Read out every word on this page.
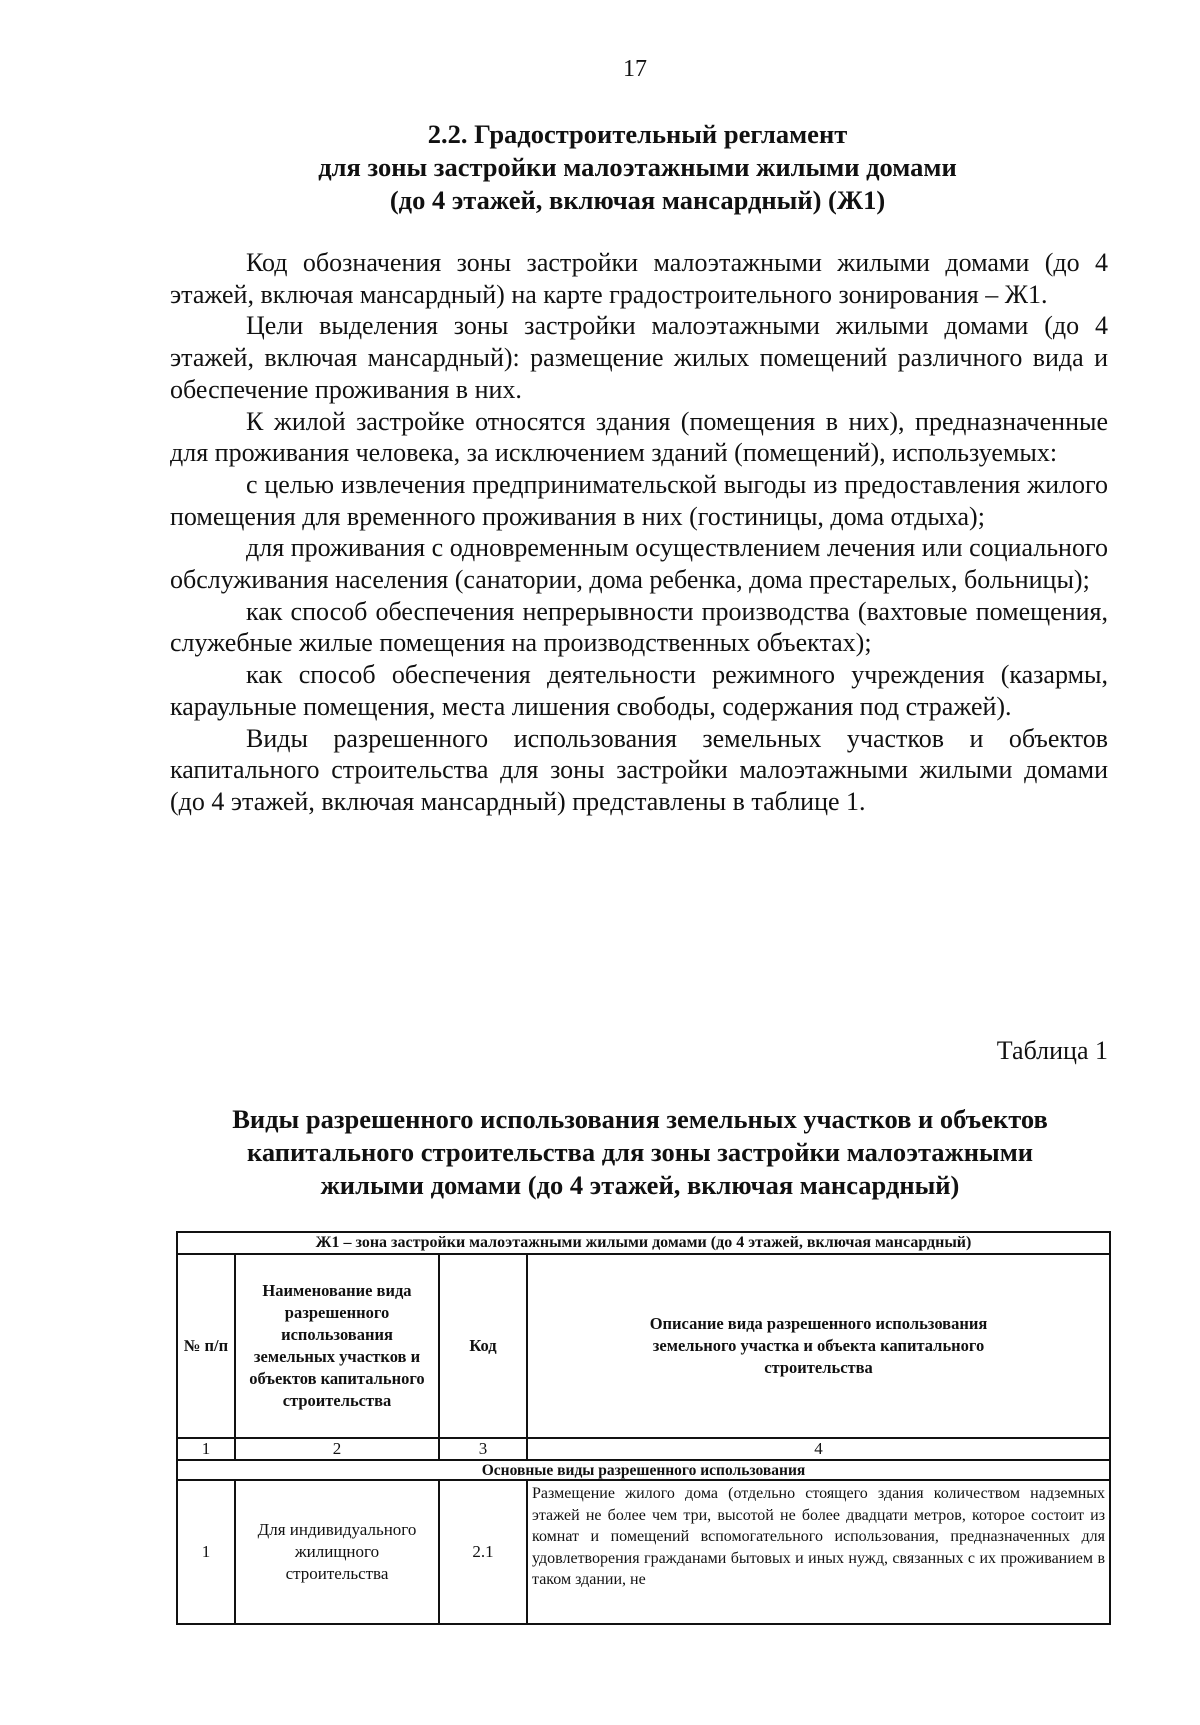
17
2.2. Градостроительный регламент
для зоны застройки малоэтажными жилыми домами
(до 4 этажей, включая мансардный) (Ж1)

Код обозначения зоны застройки малоэтажными жилыми домами (до 4 этажей, включая мансардный) на карте градостроительного зонирования – Ж1.

Цели выделения зоны застройки малоэтажными жилыми домами (до 4 этажей, включая мансардный): размещение жилых помещений различного вида и обеспечение проживания в них.

К жилой застройке относятся здания (помещения в них), предназначенные для проживания человека, за исключением зданий (помещений), используемых:

с целью извлечения предпринимательской выгоды из предоставления жилого помещения для временного проживания в них (гостиницы, дома отдыха);

для проживания с одновременным осуществлением лечения или социального обслуживания населения (санатории, дома ребенка, дома престарелых, больницы);

как способ обеспечения непрерывности производства (вахтовые помещения, служебные жилые помещения на производственных объектах);

как способ обеспечения деятельности режимного учреждения (казармы, караульные помещения, места лишения свободы, содержания под стражей).

Виды разрешенного использования земельных участков и объектов капитального строительства для зоны застройки малоэтажными жилыми домами (до 4 этажей, включая мансардный) представлены в таблице 1.

Таблица 1
Виды разрешенного использования земельных участков и объектов
капитального строительства для зоны застройки малоэтажными
жилыми домами (до 4 этажей, включая мансардный)
Ж1 – зона застройки малоэтажными жилыми домами (до 4 этажей, включая мансардный)			
№ п/п	Наименование вида разрешенного использования земельных участков и объектов капитального строительства	Код	Описание вида разрешенного использования земельного участка и объекта капитального строительства
1	2	3	4
Основные виды разрешенного использования			
1	Для индивидуального жилищного строительства	2.1	Размещение жилого дома (отдельно стоящего здания количеством надземных этажей не более чем три, высотой не более двадцати метров, которое состоит из комнат и помещений вспомогательного использования, предназначенных для удовлетворения гражданами бытовых и иных нужд, связанных с их проживанием в таком здании, не
